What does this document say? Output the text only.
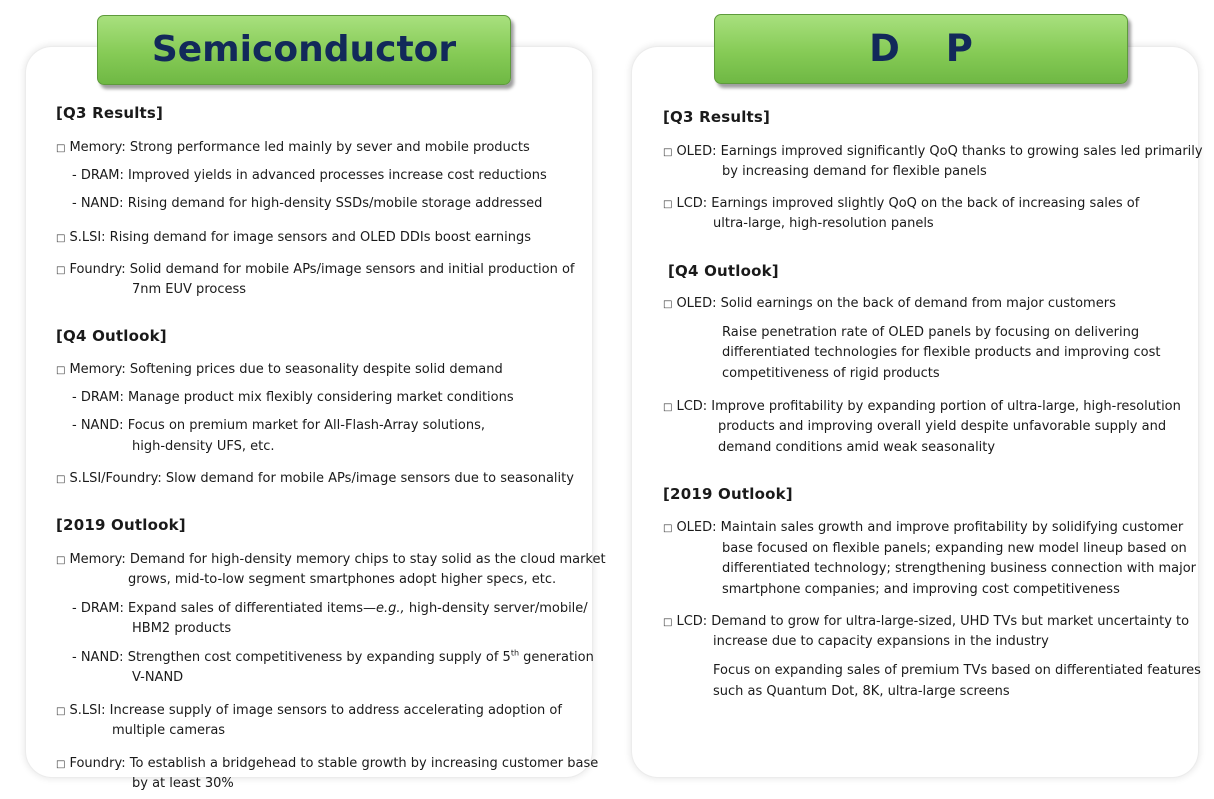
Semiconductor	D P
[Q3 Results]
□ Memory: Strong performance led mainly by sever and mobile products
- DRAM: Improved yields in advanced processes increase cost reductions
- NAND: Rising demand for high-density SSDs/mobile storage addressed
□ S.LSI: Rising demand for image sensors and OLED DDIs boost earnings
□ Foundry: Solid demand for mobile APs/image sensors and initial production of
7nm EUV process
[Q4 Outlook]
□ Memory: Softening prices due to seasonality despite solid demand
- DRAM: Manage product mix flexibly considering market conditions
- NAND: Focus on premium market for All-Flash-Array solutions,
high-density UFS, etc.
□ S.LSI/Foundry: Slow demand for mobile APs/image sensors due to seasonality
[2019 Outlook]
□ Memory: Demand for high-density memory chips to stay solid as the cloud market
grows, mid-to-low segment smartphones adopt higher specs, etc.
- DRAM: Expand sales of differentiated items—e.g., high-density server/mobile/
HBM2 products
- NAND: Strengthen cost competitiveness by expanding supply of 5th generation
V-NAND
□ S.LSI: Increase supply of image sensors to address accelerating adoption of
multiple cameras
□ Foundry: To establish a bridgehead to stable growth by increasing customer base
by at least 30%
[Q3 Results]
□ OLED: Earnings improved significantly QoQ thanks to growing sales led primarily
by increasing demand for flexible panels
□ LCD: Earnings improved slightly QoQ on the back of increasing sales of
ultra-large, high-resolution panels
[Q4 Outlook]
□ OLED: Solid earnings on the back of demand from major customers
Raise penetration rate of OLED panels by focusing on delivering
differentiated technologies for flexible products and improving cost
competitiveness of rigid products
□ LCD: Improve profitability by expanding portion of ultra-large, high-resolution
products and improving overall yield despite unfavorable supply and
demand conditions amid weak seasonality
[2019 Outlook]
□ OLED: Maintain sales growth and improve profitability by solidifying customer
base focused on flexible panels; expanding new model lineup based on
differentiated technology; strengthening business connection with major
smartphone companies; and improving cost competitiveness
□ LCD: Demand to grow for ultra-large-sized, UHD TVs but market uncertainty to
increase due to capacity expansions in the industry
Focus on expanding sales of premium TVs based on differentiated features
such as Quantum Dot, 8K, ultra-large screens
